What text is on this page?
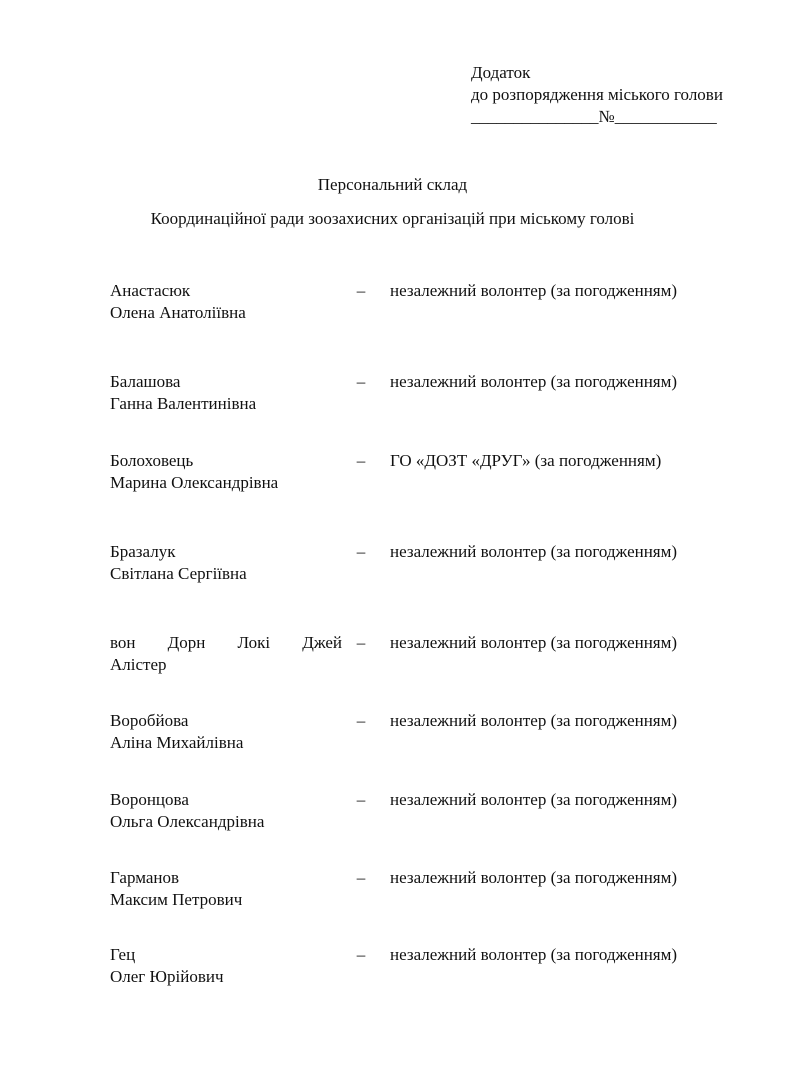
Додаток
до розпорядження міського голови
_______________№____________
Персональний склад
Координаційної ради зоозахисних організацій при міському голові
Анастасюк
Олена Анатоліївна
– незалежний волонтер (за погодженням)
Балашова
Ганна Валентинівна
– незалежний волонтер (за погодженням)
Болоховець
Марина Олександрівна
– ГО «ДОЗТ «ДРУГ» (за погодженням)
Бразалук
Світлана Сергіївна
– незалежний волонтер (за погодженням)
вон Дорн Локі Джей
Алістер
– незалежний волонтер (за погодженням)
Воробйова
Аліна Михайлівна
– незалежний волонтер (за погодженням)
Воронцова
Ольга Олександрівна
– незалежний волонтер (за погодженням)
Гарманов
Максим Петрович
– незалежний волонтер (за погодженням)
Гец
Олег Юрійович
– незалежний волонтер (за погодженням)
